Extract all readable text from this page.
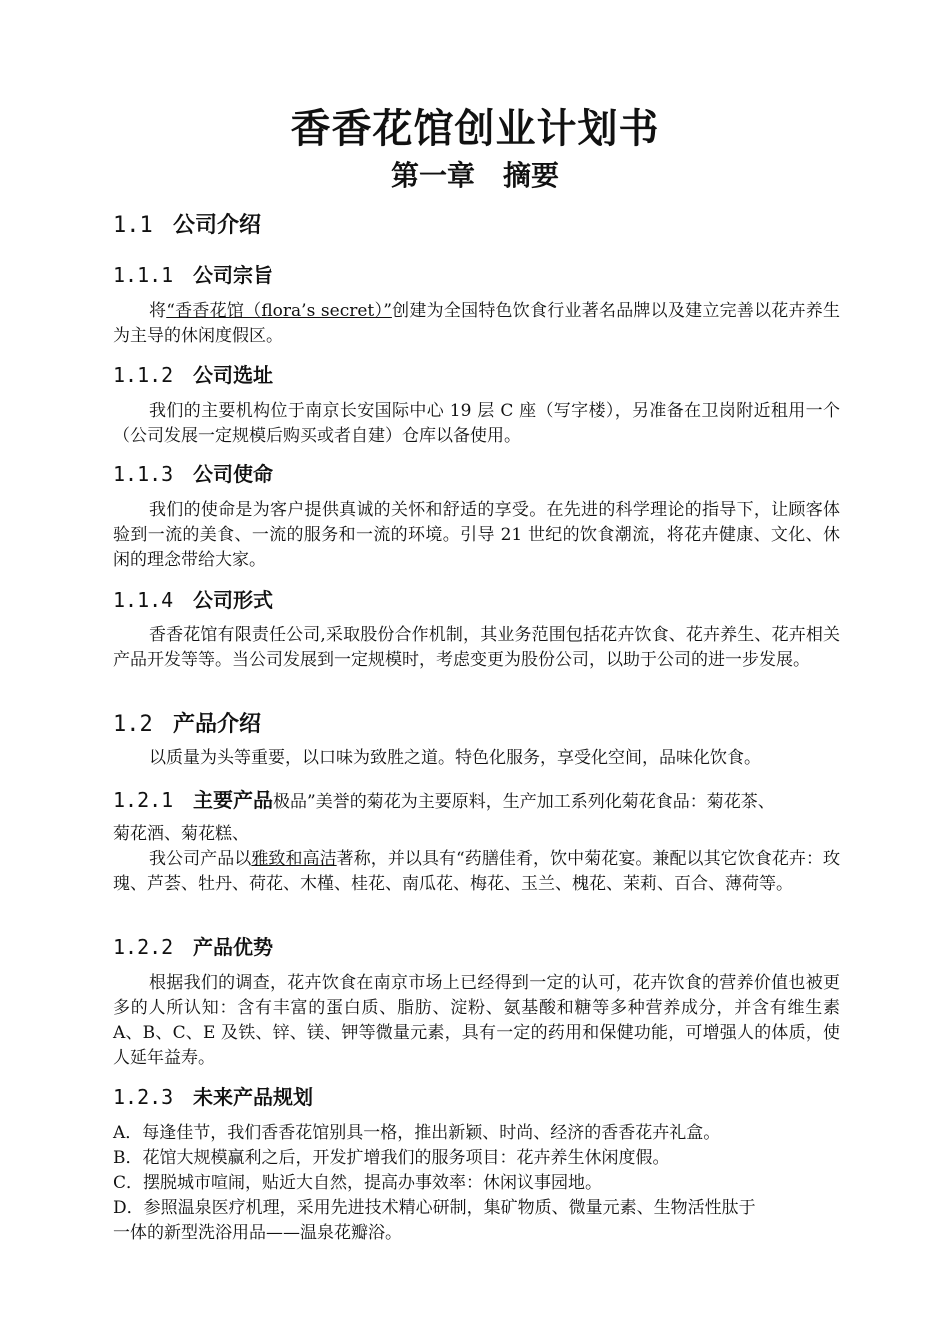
香香花馆创业计划书
第一章　摘要
1.1 公司介绍
1.1.1 公司宗旨
将“香香花馆（flora’s secret）”创建为全国特色饮食行业著名品牌以及建立完善以花卉养生为主导的休闲度假区。
1.1.2 公司选址
我们的主要机构位于南京长安国际中心 19 层 C 座（写字楼），另准备在卫岗附近租用一个（公司发展一定规模后购买或者自建）仓库以备使用。
1.1.3 公司使命
我们的使命是为客户提供真诚的关怀和舒适的享受。在先进的科学理论的指导下，让顾客体验到一流的美食、一流的服务和一流的环境。引导 21 世纪的饮食潮流，将花卉健康、文化、休闲的理念带给大家。
1.1.4 公司形式
香香花馆有限责任公司,采取股份合作机制，其业务范围包括花卉饮食、花卉养生、花卉相关产品开发等等。当公司发展到一定规模时，考虑变更为股份公司，以助于公司的进一步发展。
1.2 产品介绍
以质量为头等重要，以口味为致胜之道。特色化服务，享受化空间，品味化饮食。
1.2.1 主要产品极品”美誉的菊花为主要原料，生产加工系列化菊花食品：菊花茶、
菊花酒、菊花糕、
我公司产品以雅致和高洁著称，并以具有“药膳佳肴，饮中菊花宴。兼配以其它饮食花卉：玫瑰、芦荟、牡丹、荷花、木槿、桂花、南瓜花、梅花、玉兰、槐花、茉莉、百合、薄荷等。
1.2.2 产品优势
根据我们的调查，花卉饮食在南京市场上已经得到一定的认可，花卉饮食的营养价值也被更多的人所认知：含有丰富的蛋白质、脂肪、淀粉、氨基酸和糖等多种营养成分，并含有维生素 A、B、C、E 及铁、锌、镁、钾等微量元素，具有一定的药用和保健功能，可增强人的体质，使人延年益寿。
1.2.3 未来产品规划
A．每逢佳节，我们香香花馆别具一格，推出新颖、时尚、经济的香香花卉礼盒。
B．花馆大规模赢利之后，开发扩增我们的服务项目：花卉养生休闲度假。
C．摆脱城市喧闹，贴近大自然，提高办事效率：休闲议事园地。
D．参照温泉医疗机理，采用先进技术精心研制，集矿物质、微量元素、生物活性肽于
一体的新型洗浴用品——温泉花瓣浴。
